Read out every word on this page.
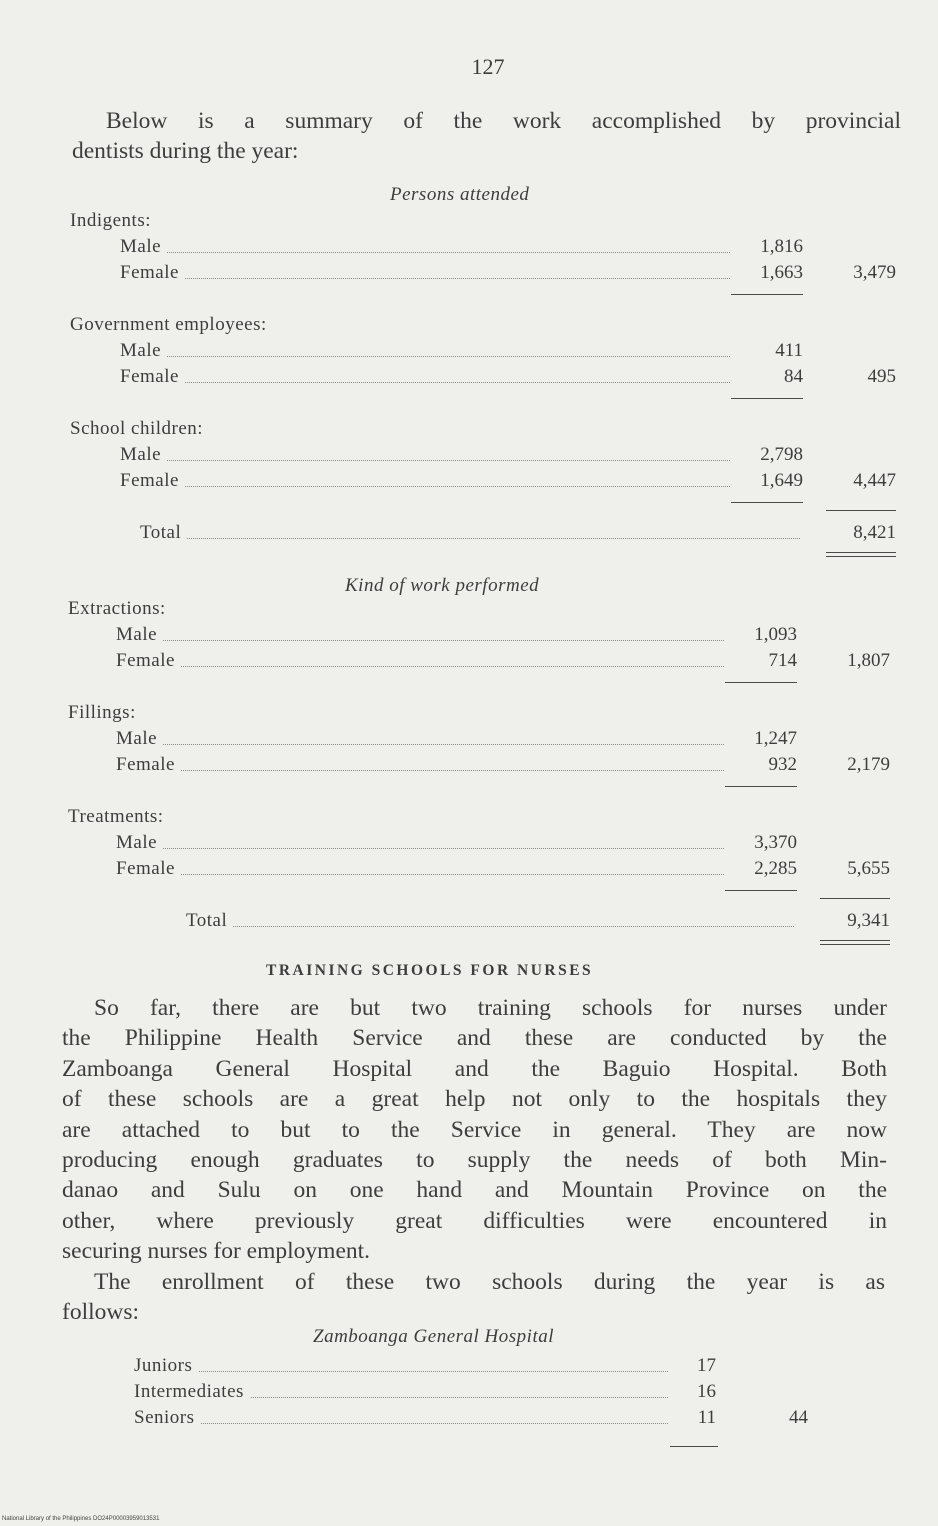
127
Below is a summary of the work accomplished by provincial
dentists during the year:
Persons attended
Indigents:
Male	1,816
Female	1,663	3,479
Government employees:
Male	411
Female	84	495
School children:
Male	2,798
Female	1,649	4,447
Total	8,421
Kind of work performed
Extractions:
Male	1,093
Female	714	1,807
Fillings:
Male	1,247
Female	932	2,179
Treatments:
Male	3,370
Female	2,285	5,655
Total	9,341
TRAINING SCHOOLS FOR NURSES
So far, there are but two training schools for nurses under
the Philippine Health Service and these are conducted by the
Zamboanga General Hospital and the Baguio Hospital. Both
of these schools are a great help not only to the hospitals they
are attached to but to the Service in general. They are now
producing enough graduates to supply the needs of both Min-
danao and Sulu on one hand and Mountain Province on the
other, where previously great difficulties were encountered in
securing nurses for employment.
The enrollment of these two schools during the year is as
follows:
Zamboanga General Hospital
Juniors	17
Intermediates	16
Seniors	11	44
National Library of the Philippines DO24P00003959013531
